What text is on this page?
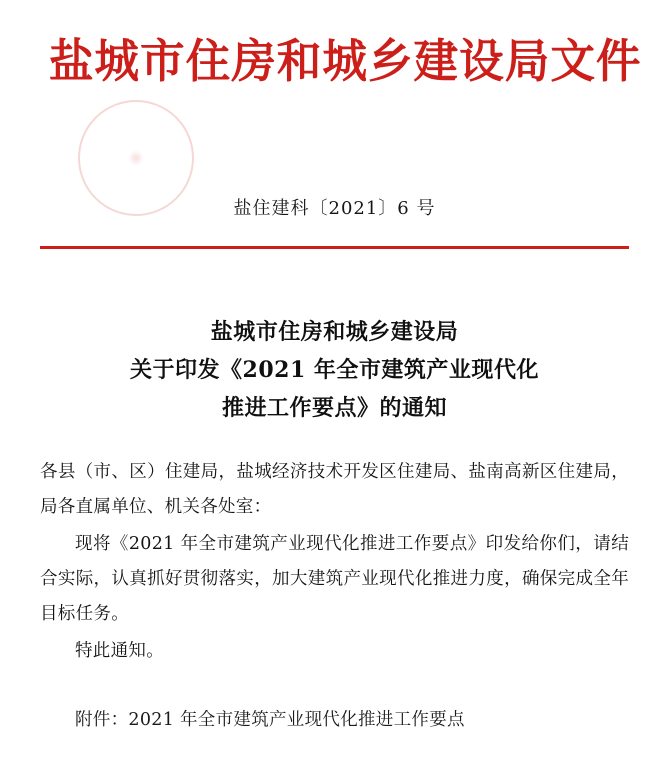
盐城市住房和城乡建设局文件
盐住建科〔2021〕6 号
盐城市住房和城乡建设局
关于印发《2021 年全市建筑产业现代化
推进工作要点》的通知

各县（市、区）住建局，盐城经济技术开发区住建局、盐南高新区住建局，局各直属单位、机关各处室：

现将《2021 年全市建筑产业现代化推进工作要点》印发给你们，请结合实际，认真抓好贯彻落实，加大建筑产业现代化推进力度，确保完成全年目标任务。

特此通知。

附件：2021 年全市建筑产业现代化推进工作要点
